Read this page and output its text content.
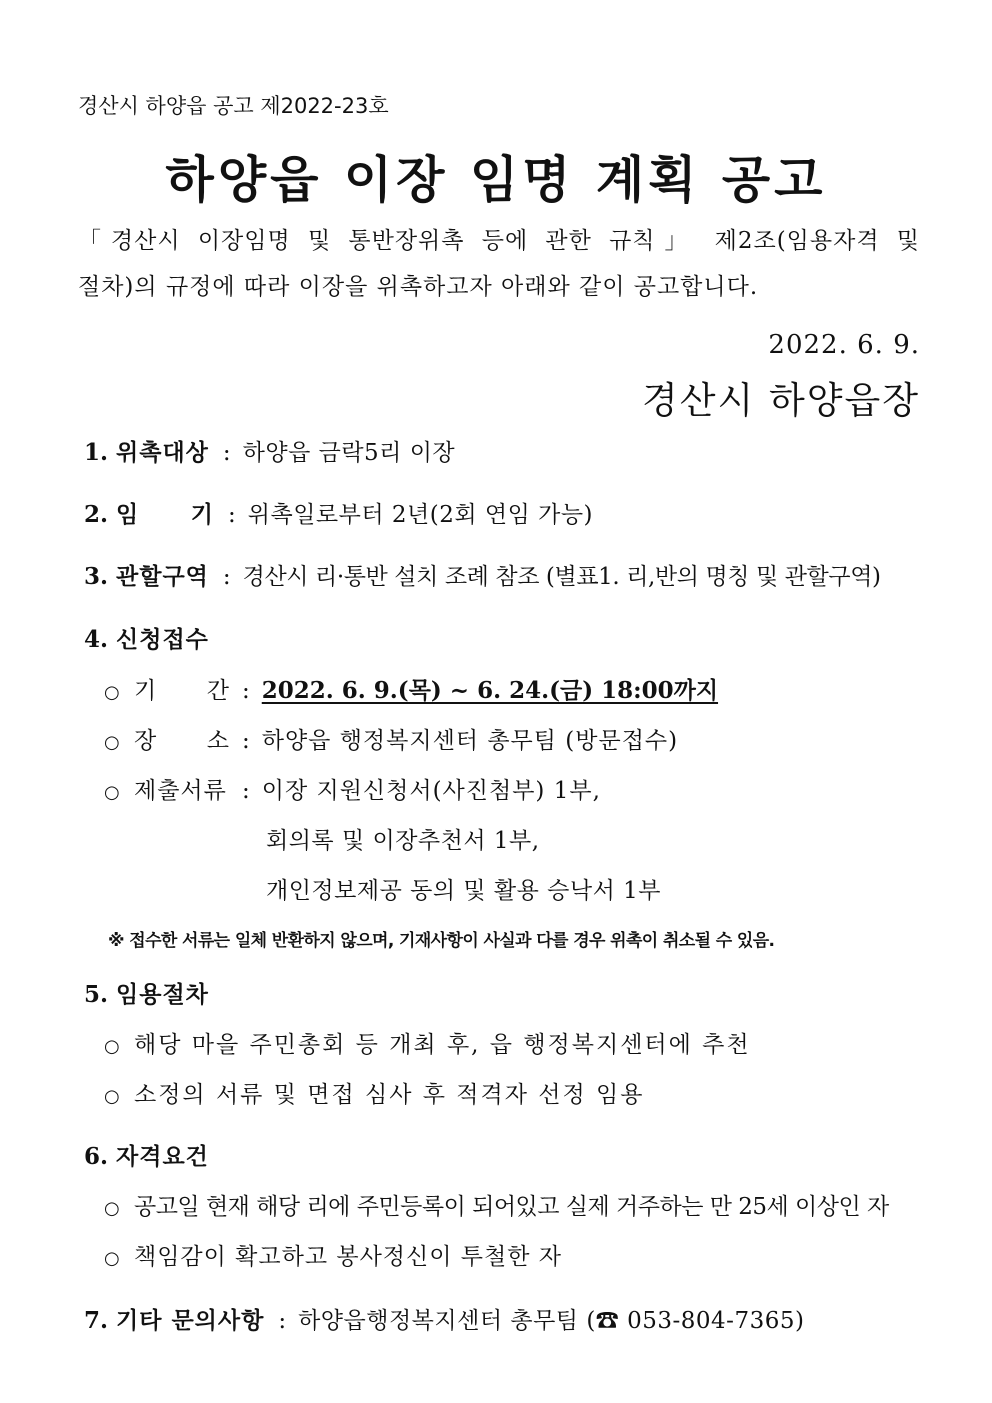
경산시 하양읍 공고 제2022-23호
하양읍 이장 임명 계획 공고
「경산시 이장임명 및 통반장위촉 등에 관한 규칙」 제2조(임용자격 및
절차)의 규정에 따라 이장을 위촉하고자 아래와 같이 공고합니다.
2022. 6. 9.
경산시 하양읍장
1. 위촉대상 : 하양읍 금락5리 이장
2. 임 기 : 위촉일로부터 2년(2회 연임 가능)
3. 관할구역 : 경산시 리·통반 설치 조례 참조 (별표1. 리,반의 명칭 및 관할구역)
4. 신청접수
○ 기 간 : 2022. 6. 9.(목) ~ 6. 24.(금) 18:00까지
○ 장 소 : 하양읍 행정복지센터 총무팀 (방문접수)
○ 제출서류 : 이장 지원신청서(사진첨부) 1부,
회의록 및 이장추천서 1부,
개인정보제공 동의 및 활용 승낙서 1부
※ 접수한 서류는 일체 반환하지 않으며, 기재사항이 사실과 다를 경우 위촉이 취소될 수 있음.
5. 임용절차
○ 해당 마을 주민총회 등 개최 후, 읍 행정복지센터에 추천
○ 소정의 서류 및 면접 심사 후 적격자 선정 임용
6. 자격요건
○ 공고일 현재 해당 리에 주민등록이 되어있고 실제 거주하는 만 25세 이상인 자
○ 책임감이 확고하고 봉사정신이 투철한 자
7. 기타 문의사항 : 하양읍행정복지센터 총무팀 (☎ 053-804-7365)
